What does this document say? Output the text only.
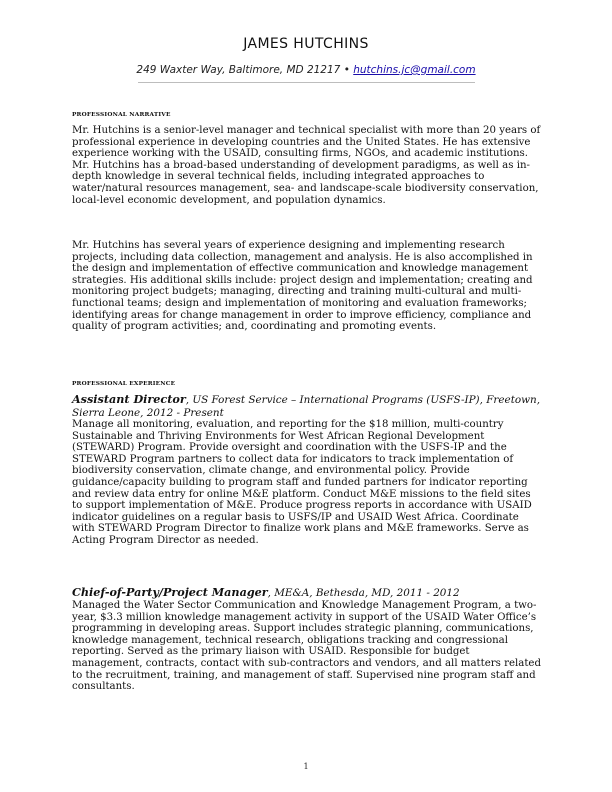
JAMES HUTCHINS
249 Waxter Way, Baltimore, MD 21217 • hutchins.jc@gmail.com
PROFESSIONAL NARRATIVE

Mr. Hutchins is a senior-level manager and technical specialist with more than 20 years of professional experience in developing countries and the United States. He has extensive experience working with the USAID, consulting firms, NGOs, and academic institutions. Mr. Hutchins has a broad-based understanding of development paradigms, as well as in-depth knowledge in several technical fields, including integrated approaches to water/natural resources management, sea- and landscape-scale biodiversity conservation, local-level economic development, and population dynamics.

Mr. Hutchins has several years of experience designing and implementing research projects, including data collection, management and analysis. He is also accomplished in the design and implementation of effective communication and knowledge management strategies. His additional skills include: project design and implementation; creating and monitoring project budgets; managing, directing and training multi-cultural and multi-functional teams; design and implementation of monitoring and evaluation frameworks; identifying areas for change management in order to improve efficiency, compliance and quality of program activities; and, coordinating and promoting events.

PROFESSIONAL EXPERIENCE

Assistant Director, US Forest Service – International Programs (USFS-IP), Freetown, Sierra Leone, 2012 - Present

Manage all monitoring, evaluation, and reporting for the $18 million, multi-country Sustainable and Thriving Environments for West African Regional Development (STEWARD) Program. Provide oversight and coordination with the USFS-IP and the STEWARD Program partners to collect data for indicators to track implementation of biodiversity conservation, climate change, and environmental policy. Provide guidance/capacity building to program staff and funded partners for indicator reporting and review data entry for online M&E platform. Conduct M&E missions to the field sites to support implementation of M&E. Produce progress reports in accordance with USAID indicator guidelines on a regular basis to USFS/IP and USAID West Africa. Coordinate with STEWARD Program Director to finalize work plans and M&E frameworks. Serve as Acting Program Director as needed.

Chief-of-Party/Project Manager, ME&A, Bethesda, MD, 2011 - 2012

Managed the Water Sector Communication and Knowledge Management Program, a two-year, $3.3 million knowledge management activity in support of the USAID Water Office’s programming in developing areas. Support includes strategic planning, communications, knowledge management, technical research, obligations tracking and congressional reporting. Served as the primary liaison with USAID. Responsible for budget management, contracts, contact with sub-contractors and vendors, and all matters related to the recruitment, training, and management of staff. Supervised nine program staff and consultants.

1
